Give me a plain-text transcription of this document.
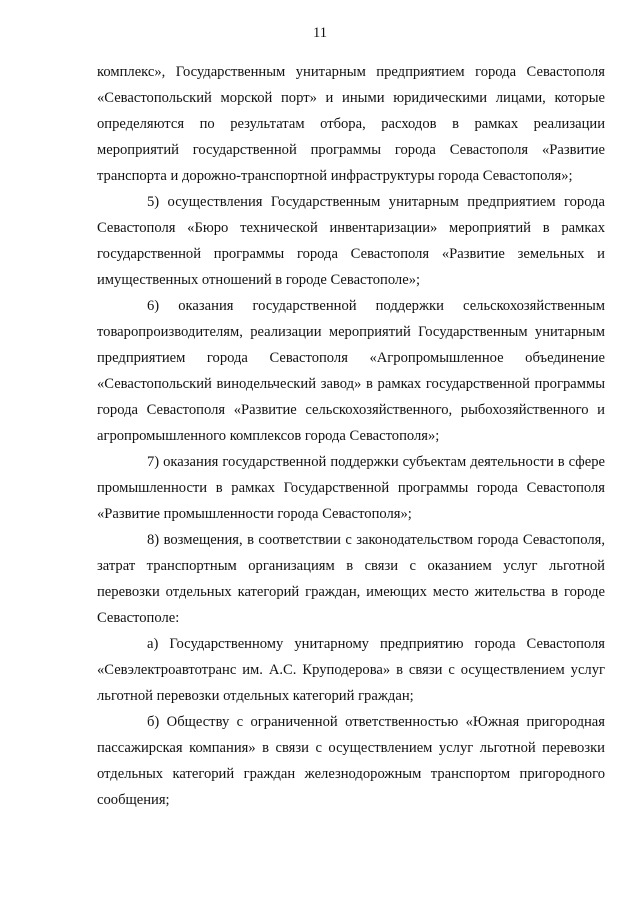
11

комплекс», Государственным унитарным предприятием города Севастополя «Севастопольский морской порт» и иными юридическими лицами, которые определяются по результатам отбора, расходов в рамках реализации мероприятий государственной программы города Севастополя «Развитие транспорта и дорожно-транспортной инфраструктуры города Севастополя»;

5) осуществления Государственным унитарным предприятием города Севастополя «Бюро технической инвентаризации» мероприятий в рамках государственной программы города Севастополя «Развитие земельных и имущественных отношений в городе Севастополе»;

6) оказания государственной поддержки сельскохозяйственным товаропроизводителям, реализации мероприятий Государственным унитарным предприятием города Севастополя «Агропромышленное объединение «Севастопольский винодельческий завод» в рамках государственной программы города Севастополя «Развитие сельскохозяйственного, рыбохозяйственного и агропромышленного комплексов города Севастополя»;

7) оказания государственной поддержки субъектам деятельности в сфере промышленности в рамках Государственной программы города Севастополя «Развитие промышленности города Севастополя»;

8) возмещения, в соответствии с законодательством города Севастополя, затрат транспортным организациям в связи с оказанием услуг льготной перевозки отдельных категорий граждан, имеющих место жительства в городе Севастополе:

а) Государственному унитарному предприятию города Севастополя «Севэлектроавтотранс им. А.С. Круподерова» в связи с осуществлением услуг льготной перевозки отдельных категорий граждан;

б) Обществу с ограниченной ответственностью «Южная пригородная пассажирская компания» в связи с осуществлением услуг льготной перевозки отдельных категорий граждан железнодорожным транспортом пригородного сообщения;
